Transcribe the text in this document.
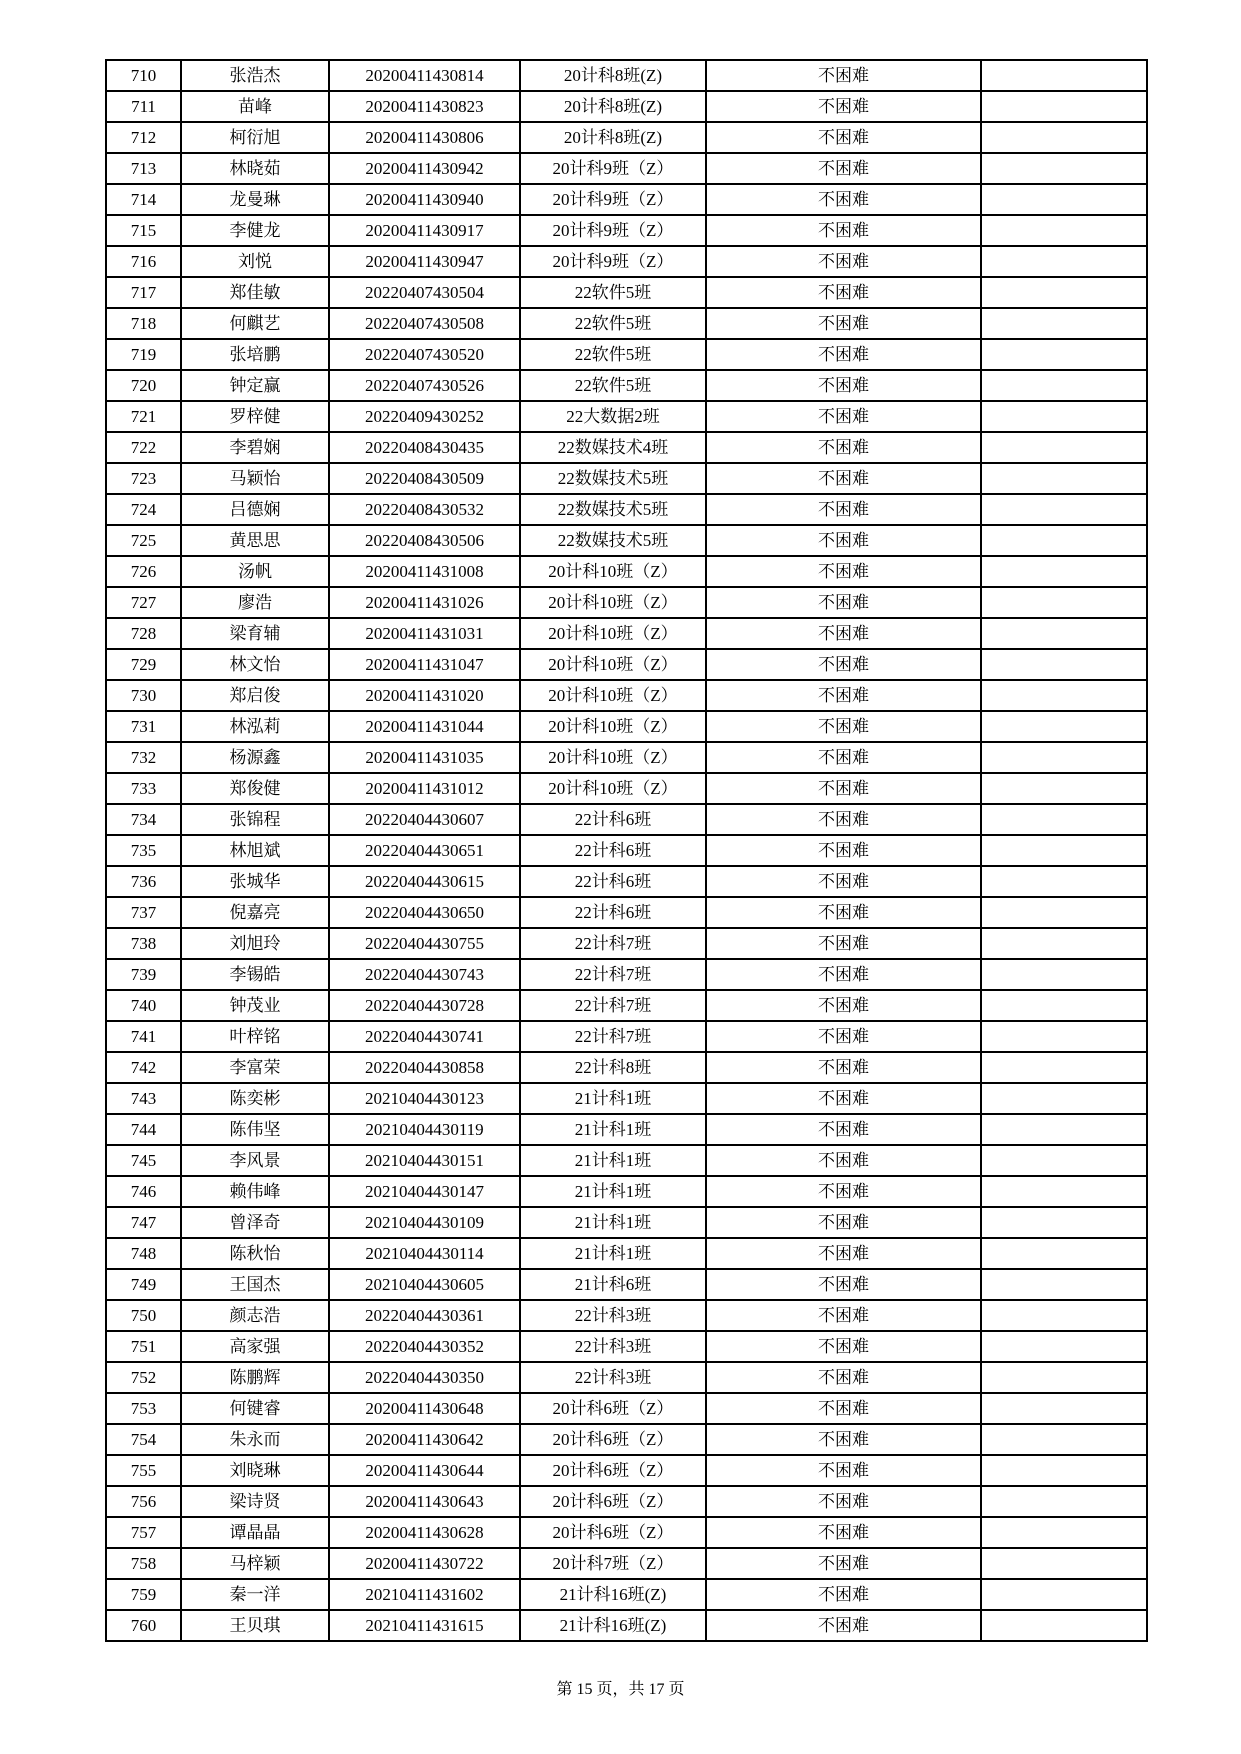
710	张浩杰	20200411430814	20计科8班(Z)	不困难	
711	苗峰	20200411430823	20计科8班(Z)	不困难	
712	柯衍旭	20200411430806	20计科8班(Z)	不困难	
713	林晓茹	20200411430942	20计科9班（Z）	不困难	
714	龙曼琳	20200411430940	20计科9班（Z）	不困难	
715	李健龙	20200411430917	20计科9班（Z）	不困难	
716	刘悦	20200411430947	20计科9班（Z）	不困难	
717	郑佳敏	20220407430504	22软件5班	不困难	
718	何麒艺	20220407430508	22软件5班	不困难	
719	张培鹏	20220407430520	22软件5班	不困难	
720	钟定赢	20220407430526	22软件5班	不困难	
721	罗梓健	20220409430252	22大数据2班	不困难	
722	李碧娴	20220408430435	22数媒技术4班	不困难	
723	马颖怡	20220408430509	22数媒技术5班	不困难	
724	吕德娴	20220408430532	22数媒技术5班	不困难	
725	黄思思	20220408430506	22数媒技术5班	不困难	
726	汤帆	20200411431008	20计科10班（Z）	不困难	
727	廖浩	20200411431026	20计科10班（Z）	不困难	
728	梁育辅	20200411431031	20计科10班（Z）	不困难	
729	林文怡	20200411431047	20计科10班（Z）	不困难	
730	郑启俊	20200411431020	20计科10班（Z）	不困难	
731	林泓莉	20200411431044	20计科10班（Z）	不困难	
732	杨源鑫	20200411431035	20计科10班（Z）	不困难	
733	郑俊健	20200411431012	20计科10班（Z）	不困难	
734	张锦程	20220404430607	22计科6班	不困难	
735	林旭斌	20220404430651	22计科6班	不困难	
736	张城华	20220404430615	22计科6班	不困难	
737	倪嘉亮	20220404430650	22计科6班	不困难	
738	刘旭玲	20220404430755	22计科7班	不困难	
739	李锡皓	20220404430743	22计科7班	不困难	
740	钟茂业	20220404430728	22计科7班	不困难	
741	叶梓铭	20220404430741	22计科7班	不困难	
742	李富荣	20220404430858	22计科8班	不困难	
743	陈奕彬	20210404430123	21计科1班	不困难	
744	陈伟坚	20210404430119	21计科1班	不困难	
745	李风景	20210404430151	21计科1班	不困难	
746	赖伟峰	20210404430147	21计科1班	不困难	
747	曾泽奇	20210404430109	21计科1班	不困难	
748	陈秋怡	20210404430114	21计科1班	不困难	
749	王国杰	20210404430605	21计科6班	不困难	
750	颜志浩	20220404430361	22计科3班	不困难	
751	高家强	20220404430352	22计科3班	不困难	
752	陈鹏辉	20220404430350	22计科3班	不困难	
753	何键睿	20200411430648	20计科6班（Z）	不困难	
754	朱永而	20200411430642	20计科6班（Z）	不困难	
755	刘晓琳	20200411430644	20计科6班（Z）	不困难	
756	梁诗贤	20200411430643	20计科6班（Z）	不困难	
757	谭晶晶	20200411430628	20计科6班（Z）	不困难	
758	马梓颖	20200411430722	20计科7班（Z）	不困难	
759	秦一洋	20210411431602	21计科16班(Z)	不困难	
760	王贝琪	20210411431615	21计科16班(Z)	不困难	
第 15 页，共 17 页
